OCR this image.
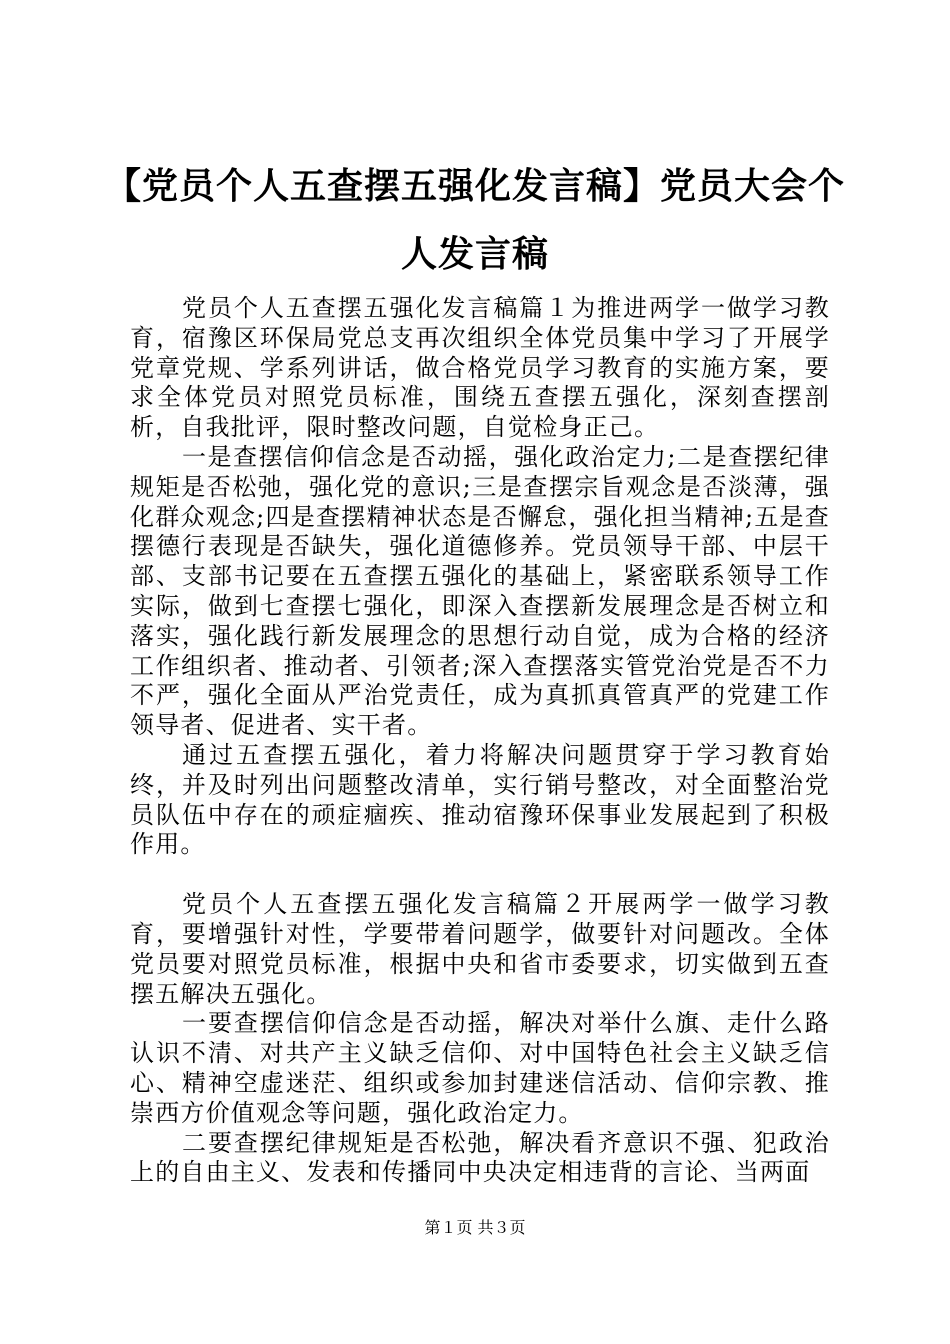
【党员个人五查摆五强化发言稿】党员大会个人发言稿

党员个人五查摆五强化发言稿篇１为推进两学一做学习教育，宿豫区环保局党总支再次组织全体党员集中学习了开展学党章党规、学系列讲话，做合格党员学习教育的实施方案，要求全体党员对照党员标准，围绕五查摆五强化，深刻查摆剖析，自我批评，限时整改问题，自觉检身正己。

一是查摆信仰信念是否动摇，强化政治定力;二是查摆纪律规矩是否松弛，强化党的意识;三是查摆宗旨观念是否淡薄，强化群众观念;四是查摆精神状态是否懈怠，强化担当精神;五是查摆德行表现是否缺失，强化道德修养。党员领导干部、中层干部、支部书记要在五查摆五强化的基础上，紧密联系领导工作实际，做到七查摆七强化，即深入查摆新发展理念是否树立和落实，强化践行新发展理念的思想行动自觉，成为合格的经济工作组织者、推动者、引领者;深入查摆落实管党治党是否不力不严，强化全面从严治党责任，成为真抓真管真严的党建工作领导者、促进者、实干者。

通过五查摆五强化，着力将解决问题贯穿于学习教育始终，并及时列出问题整改清单，实行销号整改，对全面整治党员队伍中存在的顽症痼疾、推动宿豫环保事业发展起到了积极作用。

党员个人五查摆五强化发言稿篇２开展两学一做学习教育，要增强针对性，学要带着问题学，做要针对问题改。全体党员要对照党员标准，根据中央和省市委要求，切实做到五查摆五解决五强化。

一要查摆信仰信念是否动摇，解决对举什么旗、走什么路认识不清、对共产主义缺乏信仰、对中国特色社会主义缺乏信心、精神空虚迷茫、组织或参加封建迷信活动、信仰宗教、推崇西方价值观念等问题，强化政治定力。

二要查摆纪律规矩是否松弛，解决看齐意识不强、犯政治上的自由主义、发表和传播同中央决定相违背的言论、当两面

第１页 共３页
